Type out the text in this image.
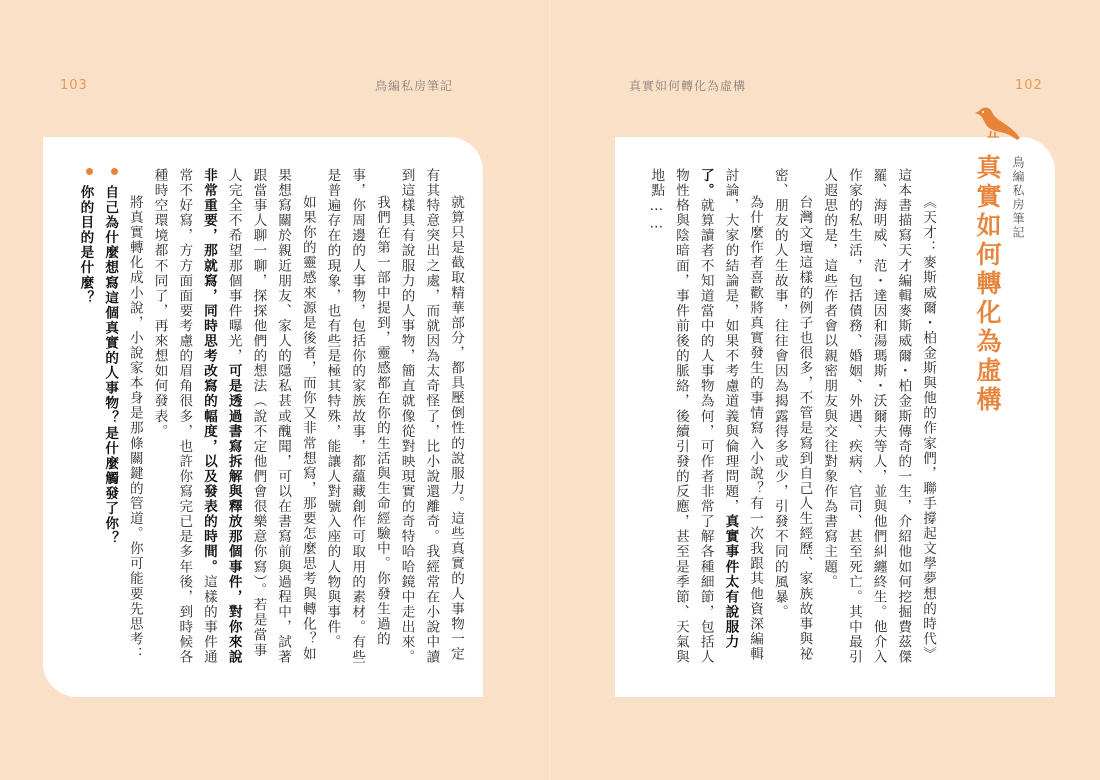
103	鳥編私房筆記

就算只是截取精華部分，都具壓倒性的說服力。這些真實的人事物一定有其特意突出之處，而就因為太奇怪了，比小說還離奇。我經常在小說中讀到這樣具有說服力的人事物，簡直就像從對映現實的奇特哈哈鏡中走出來。

我們在第一部中提到，靈感都在你的生活與生命經驗中。你發生過的事，你周邊的人事物，包括你的家族故事，都蘊藏創作可取用的素材。有些是普遍存在的現象，也有些是極其特殊，能讓人對號入座的人物與事件。

如果你的靈感來源是後者，而你又非常想寫，那要怎麼思考與轉化？如果想寫關於親近朋友、家人的隱私甚或醜聞，可以在書寫前與過程中，試著跟當事人聊一聊，探探他們的想法（說不定他們會很樂意你寫）。若是當事人完全不希望那個事件曝光，可是透過書寫拆解與釋放那個事件，對你來說非常重要，那就寫，同時思考改寫的幅度，以及發表的時間。這樣的事件通常不好寫，方方面面要考慮的眉角很多，也許你寫完已是多年後，到時候各種時空環境都不同了，再來想如何發表。

將真實轉化成小說，小說家本身是那條關鍵的管道。你可能要先思考：

自己為什麼想寫這個真實的人事物？是什麼觸發了你？

你的目的是什麼？

真實如何轉化為虛構	102
鳥編私房筆記
真實如何轉化為虛構

《天才：麥斯威爾・柏金斯與他的作家們，聯手撐起文學夢想的時代》這本書描寫天才編輯麥斯威爾・柏金斯傳奇的一生，介紹他如何挖掘費茲傑羅、海明威、范・達因和湯瑪斯・沃爾夫等人，並與他們糾纏終生。他介入作家的私生活，包括債務、婚姻、外遇、疾病、官司、甚至死亡。其中最引人遐思的是，這些作者會以親密朋友與交往對象作為書寫主題。

台灣文壇這樣的例子也很多，不管是寫到自己人生經歷、家族故事與祕密、朋友的人生故事，往往會因為揭露得多或少，引發不同的風暴。

為什麼作者喜歡將真實發生的事情寫入小說？有一次我跟其他資深編輯討論，大家的結論是，如果不考慮道義與倫理問題，真實事件太有說服力了。就算讀者不知道當中的人事物為何，可作者非常了解各種細節，包括人物性格與陰暗面，事件前後的脈絡，後續引發的反應，甚至是季節、天氣與地點……
